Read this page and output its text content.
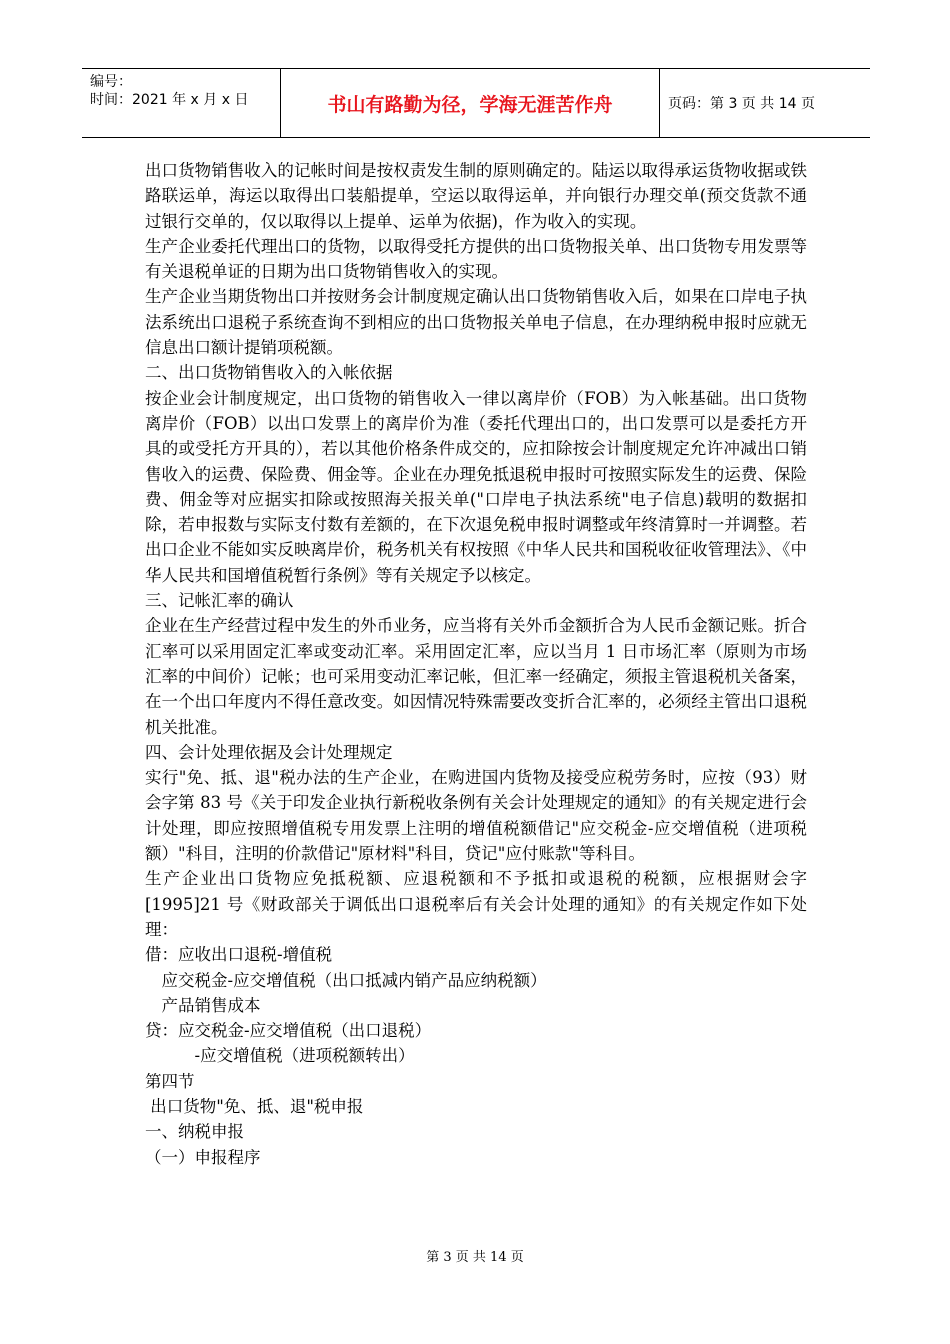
编号：
时间：2021 年 x 月 x 日	书山有路勤为径，学海无涯苦作舟	页码：第 3 页 共 14 页

出口货物销售收入的记帐时间是按权责发生制的原则确定的。陆运以取得承运货物收据或铁路联运单，海运以取得出口装船提单，空运以取得运单，并向银行办理交单(预交货款不通过银行交单的，仅以取得以上提单、运单为依据)，作为收入的实现。

生产企业委托代理出口的货物，以取得受托方提供的出口货物报关单、出口货物专用发票等有关退税单证的日期为出口货物销售收入的实现。

生产企业当期货物出口并按财务会计制度规定确认出口货物销售收入后，如果在口岸电子执法系统出口退税子系统查询不到相应的出口货物报关单电子信息，在办理纳税申报时应就无信息出口额计提销项税额。

二、出口货物销售收入的入帐依据

按企业会计制度规定，出口货物的销售收入一律以离岸价（FOB）为入帐基础。出口货物离岸价（FOB）以出口发票上的离岸价为准（委托代理出口的，出口发票可以是委托方开具的或受托方开具的），若以其他价格条件成交的，应扣除按会计制度规定允许冲减出口销售收入的运费、保险费、佣金等。企业在办理免抵退税申报时可按照实际发生的运费、保险费、佣金等对应据实扣除或按照海关报关单("口岸电子执法系统"电子信息)载明的数据扣除，若申报数与实际支付数有差额的，在下次退免税申报时调整或年终清算时一并调整。若出口企业不能如实反映离岸价，税务机关有权按照《中华人民共和国税收征收管理法》、《中华人民共和国增值税暂行条例》等有关规定予以核定。

三、记帐汇率的确认

企业在生产经营过程中发生的外币业务，应当将有关外币金额折合为人民币金额记账。折合汇率可以采用固定汇率或变动汇率。采用固定汇率，应以当月 1 日市场汇率（原则为市场汇率的中间价）记帐；也可采用变动汇率记帐，但汇率一经确定，须报主管退税机关备案，在一个出口年度内不得任意改变。如因情况特殊需要改变折合汇率的，必须经主管出口退税机关批准。

四、会计处理依据及会计处理规定

实行"免、抵、退"税办法的生产企业，在购进国内货物及接受应税劳务时，应按（93）财会字第 83 号《关于印发企业执行新税收条例有关会计处理规定的通知》的有关规定进行会计处理，即应按照增值税专用发票上注明的增值税额借记"应交税金-应交增值税（进项税额）"科目，注明的价款借记"原材料"科目，贷记"应付账款"等科目。

生产企业出口货物应免抵税额、应退税额和不予抵扣或退税的税额，应根据财会字[1995]21 号《财政部关于调低出口退税率后有关会计处理的通知》的有关规定作如下处理：

借：应收出口退税-增值税

　应交税金-应交增值税（出口抵减内销产品应纳税额）

　产品销售成本

贷：应交税金-应交增值税（出口退税）

　　　-应交增值税（进项税额转出）

第四节

出口货物"免、抵、退"税申报

一、纳税申报

（一）申报程序

第 3 页 共 14 页
